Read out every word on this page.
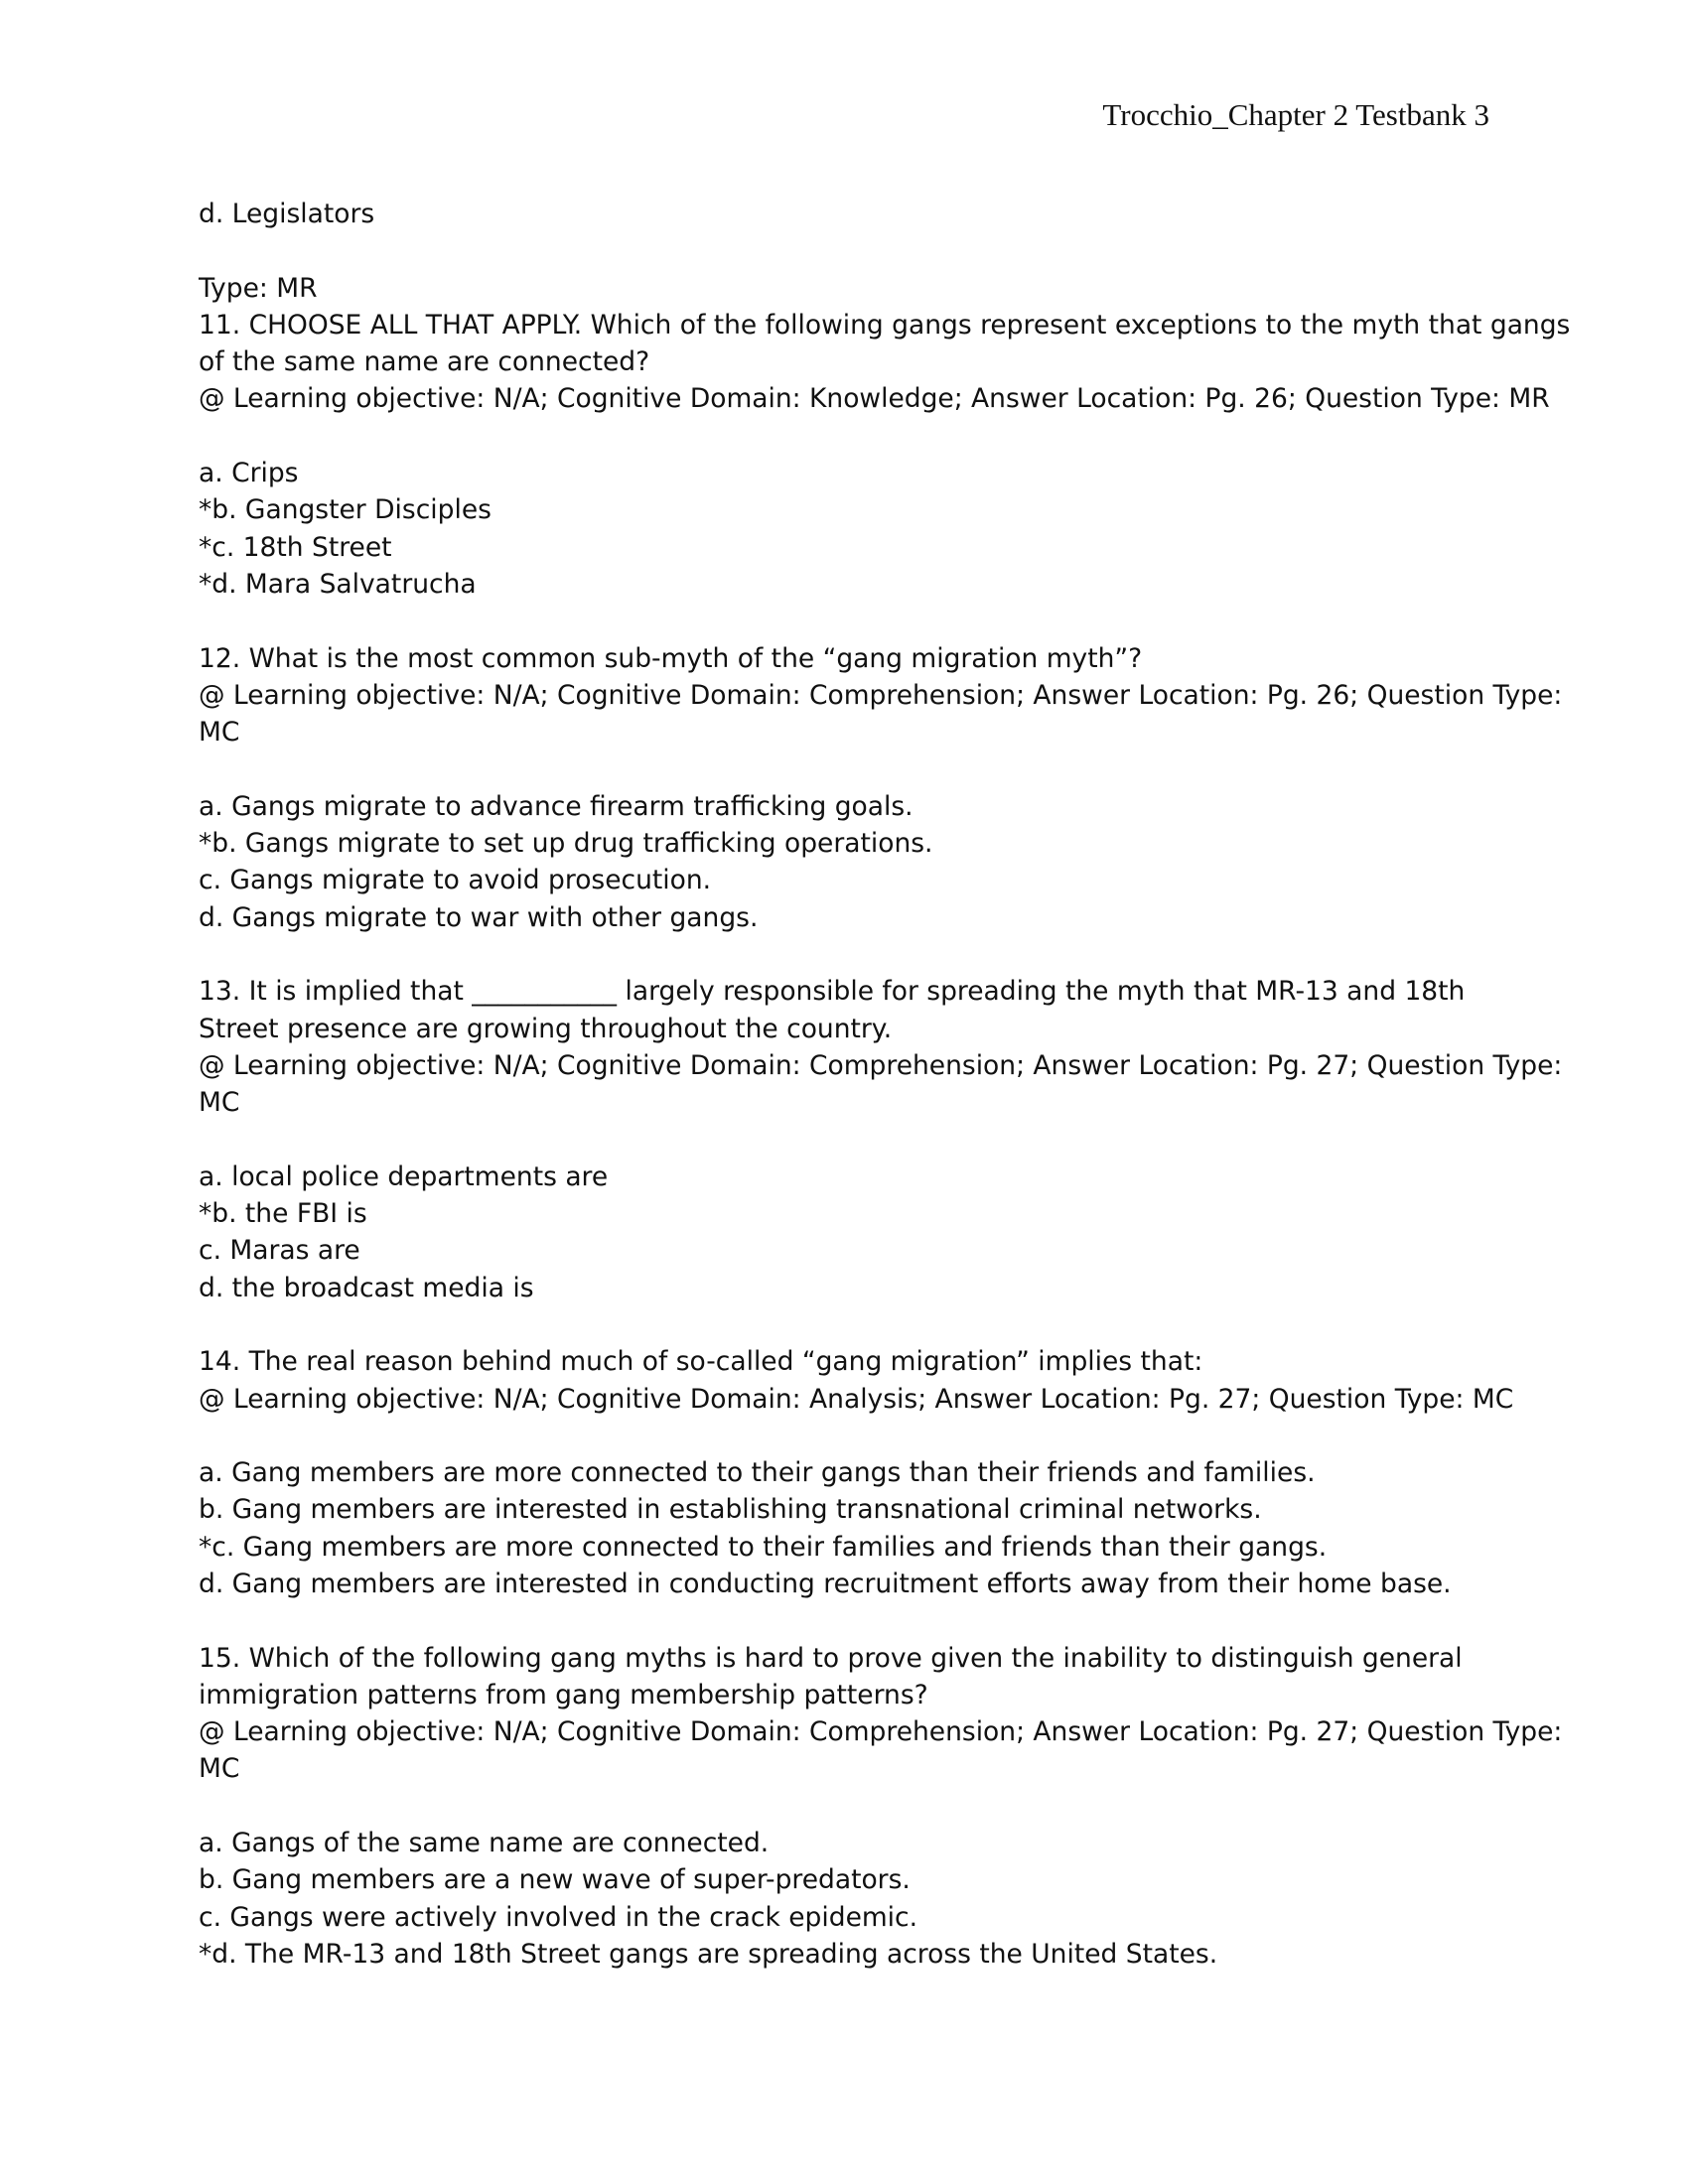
Trocchio_Chapter 2 Testbank 3
d. Legislators
Type: MR
11. CHOOSE ALL THAT APPLY. Which of the following gangs represent exceptions to the myth that gangs
of the same name are connected?
@ Learning objective: N/A; Cognitive Domain: Knowledge; Answer Location: Pg. 26; Question Type: MR
a. Crips
*b. Gangster Disciples
*c. 18th Street
*d. Mara Salvatrucha
12. What is the most common sub-myth of the “gang migration myth”?
@ Learning objective: N/A; Cognitive Domain: Comprehension; Answer Location: Pg. 26; Question Type:
MC
a. Gangs migrate to advance firearm trafficking goals.
*b. Gangs migrate to set up drug trafficking operations.
c. Gangs migrate to avoid prosecution.
d. Gangs migrate to war with other gangs.
13. It is implied that ___________ largely responsible for spreading the myth that MR-13 and 18th
Street presence are growing throughout the country.
@ Learning objective: N/A; Cognitive Domain: Comprehension; Answer Location: Pg. 27; Question Type:
MC
a. local police departments are
*b. the FBI is
c. Maras are
d. the broadcast media is
14. The real reason behind much of so-called “gang migration” implies that:
@ Learning objective: N/A; Cognitive Domain: Analysis; Answer Location: Pg. 27; Question Type: MC
a. Gang members are more connected to their gangs than their friends and families.
b. Gang members are interested in establishing transnational criminal networks.
*c. Gang members are more connected to their families and friends than their gangs.
d. Gang members are interested in conducting recruitment efforts away from their home base.
15. Which of the following gang myths is hard to prove given the inability to distinguish general
immigration patterns from gang membership patterns?
@ Learning objective: N/A; Cognitive Domain: Comprehension; Answer Location: Pg. 27; Question Type:
MC
a. Gangs of the same name are connected.
b. Gang members are a new wave of super-predators.
c. Gangs were actively involved in the crack epidemic.
*d. The MR-13 and 18th Street gangs are spreading across the United States.
